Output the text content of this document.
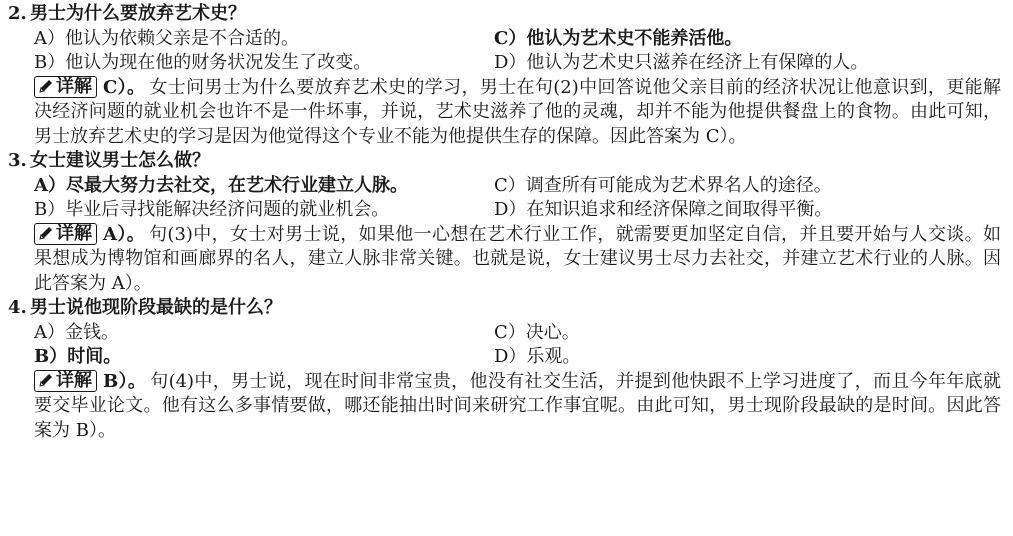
2. 男士为什么要放弃艺术史？
A）他认为依赖父亲是不合适的。	C）他认为艺术史不能养活他。
B）他认为现在他的财务状况发生了改变。	D）他认为艺术史只滋养在经济上有保障的人。
详解 C）。 女士问男士为什么要放弃艺术史的学习，男士在句(2)中回答说他父亲目前的经济状况让他意识到，更能解决经济问题的就业机会也许不是一件坏事，并说，艺术史滋养了他的灵魂，却并不能为他提供餐盘上的食物。由此可知，男士放弃艺术史的学习是因为他觉得这个专业不能为他提供生存的保障。因此答案为 C）。
3. 女士建议男士怎么做？
A）尽最大努力去社交，在艺术行业建立人脉。	C）调查所有可能成为艺术界名人的途径。
B）毕业后寻找能解决经济问题的就业机会。	D）在知识追求和经济保障之间取得平衡。
详解 A）。 句(3)中，女士对男士说，如果他一心想在艺术行业工作，就需要更加坚定自信，并且要开始与人交谈。如果想成为博物馆和画廊界的名人，建立人脉非常关键。也就是说，女士建议男士尽力去社交，并建立艺术行业的人脉。因此答案为 A）。
4. 男士说他现阶段最缺的是什么？
A）金钱。	C）决心。
B）时间。	D）乐观。
详解 B）。 句(4)中，男士说，现在时间非常宝贵，他没有社交生活，并提到他快跟不上学习进度了，而且今年年底就要交毕业论文。他有这么多事情要做，哪还能抽出时间来研究工作事宜呢。由此可知，男士现阶段最缺的是时间。因此答案为 B）。
